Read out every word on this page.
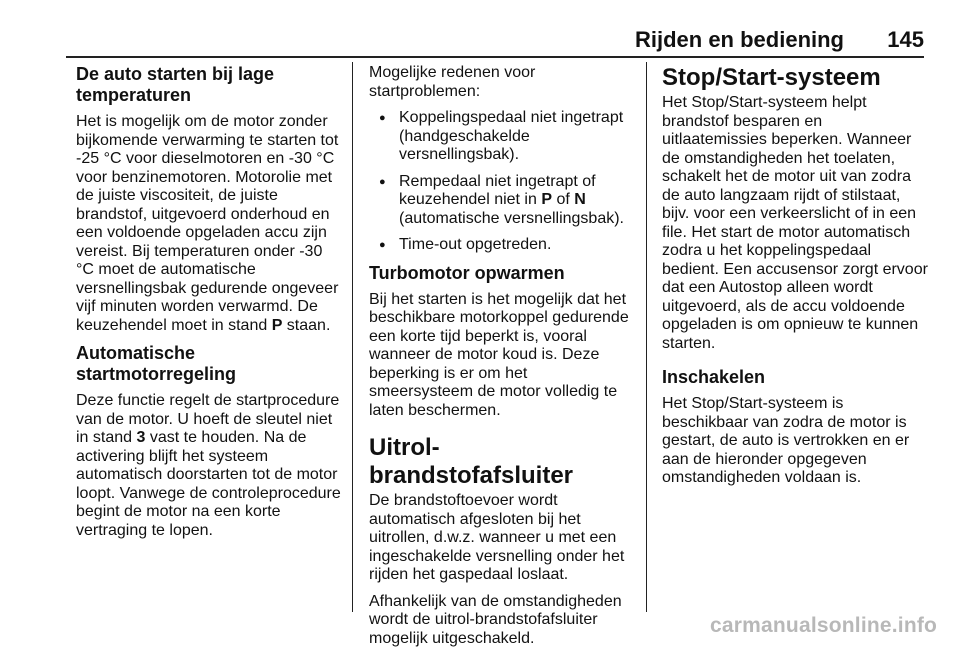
Rijden en bediening 145
De auto starten bij lage temperaturen

Het is mogelijk om de motor zonder bijkomende verwarming te starten tot -25 °C voor dieselmotoren en -30 °C voor benzinemotoren. Motorolie met de juiste viscositeit, de juiste brandstof, uitgevoerd onderhoud en een voldoende opgeladen accu zijn vereist. Bij temperaturen onder -30 °C moet de automatische versnellingsbak gedurende ongeveer vijf minuten worden verwarmd. De keuzehendel moet in stand P staan.

Automatische startmotorregeling

Deze functie regelt de startprocedure van de motor. U hoeft de sleutel niet in stand 3 vast te houden. Na de activering blijft het systeem automatisch doorstarten tot de motor loopt. Vanwege de controleprocedure begint de motor na een korte vertraging te lopen.

Mogelijke redenen voor startproblemen:

● Koppelingspedaal niet ingetrapt (handgeschakelde versnellingsbak).
● Rempedaal niet ingetrapt of keuzehendel niet in P of N (automatische versnellingsbak).
● Time-out opgetreden.
Turbomotor opwarmen

Bij het starten is het mogelijk dat het beschikbare motorkoppel gedurende een korte tijd beperkt is, vooral wanneer de motor koud is. Deze beperking is er om het smeersysteem de motor volledig te laten beschermen.

Uitrol-brandstofafsluiter

De brandstoftoevoer wordt automatisch afgesloten bij het uitrollen, d.w.z. wanneer u met een ingeschakelde versnelling onder het rijden het gaspedaal loslaat.

Afhankelijk van de omstandigheden wordt de uitrol-brandstofafsluiter mogelijk uitgeschakeld.

Stop/Start-systeem

Het Stop/Start-systeem helpt brandstof besparen en uitlaatemissies beperken. Wanneer de omstandigheden het toelaten, schakelt het de motor uit van zodra de auto langzaam rijdt of stilstaat, bijv. voor een verkeerslicht of in een file. Het start de motor automatisch zodra u het koppelingspedaal bedient. Een accusensor zorgt ervoor dat een Autostop alleen wordt uitgevoerd, als de accu voldoende opgeladen is om opnieuw te kunnen starten.

Inschakelen

Het Stop/Start-systeem is beschikbaar van zodra de motor is gestart, de auto is vertrokken en er aan de hieronder opgegeven omstandigheden voldaan is.

carmanualsonline.info
